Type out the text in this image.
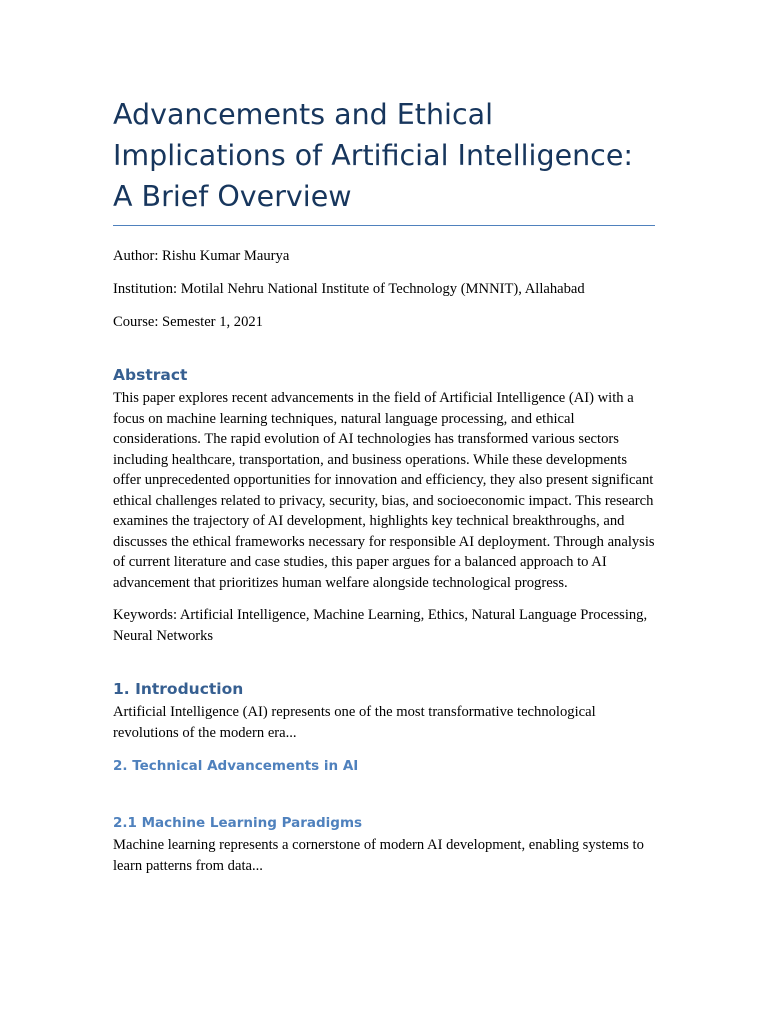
Advancements and Ethical Implications of Artificial Intelligence: A Brief Overview

Author: Rishu Kumar Maurya

Institution: Motilal Nehru National Institute of Technology (MNNIT), Allahabad

Course: Semester 1, 2021

Abstract

This paper explores recent advancements in the field of Artificial Intelligence (AI) with a focus on machine learning techniques, natural language processing, and ethical considerations. The rapid evolution of AI technologies has transformed various sectors including healthcare, transportation, and business operations. While these developments offer unprecedented opportunities for innovation and efficiency, they also present significant ethical challenges related to privacy, security, bias, and socioeconomic impact. This research examines the trajectory of AI development, highlights key technical breakthroughs, and discusses the ethical frameworks necessary for responsible AI deployment. Through analysis of current literature and case studies, this paper argues for a balanced approach to AI advancement that prioritizes human welfare alongside technological progress.

Keywords: Artificial Intelligence, Machine Learning, Ethics, Natural Language Processing, Neural Networks

1. Introduction

Artificial Intelligence (AI) represents one of the most transformative technological revolutions of the modern era...

2. Technical Advancements in AI
2.1 Machine Learning Paradigms

Machine learning represents a cornerstone of modern AI development, enabling systems to learn patterns from data...
